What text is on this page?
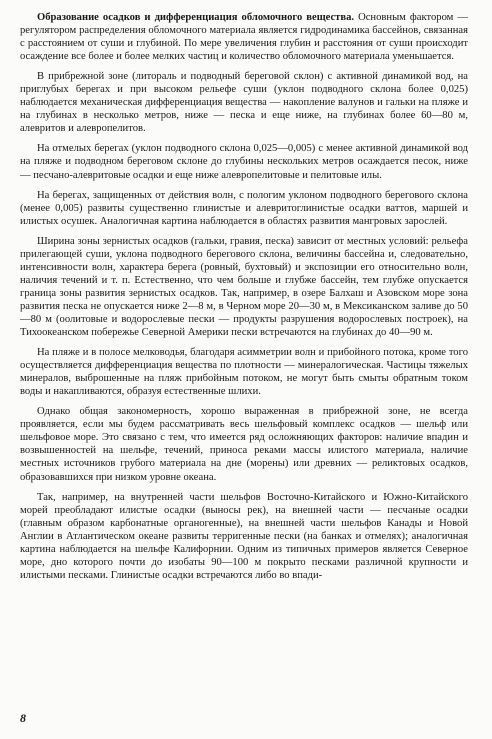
Образование осадков и дифференциация обломочного вещества. Основным фактором — регулятором распределения обломочного материала является гидродинамика бассейнов, связанная с расстоянием от суши и глубиной. По мере увеличения глубин и расстояния от суши происходит осаждение все более и более мелких частиц и количество обломочного материала уменьшается.

В прибрежной зоне (литораль и подводный береговой склон) с активной динамикой вод, на приглубых берегах и при высоком рельефе суши (уклон подводного склона более 0,025) наблюдается механическая дифференциация вещества — накопление валунов и гальки на пляже и на глубинах в несколько метров, ниже — песка и еще ниже, на глубинах более 60—80 м, алевритов и алевропелитов.

На отмелых берегах (уклон подводного склона 0,025—0,005) с менее активной динамикой вод на пляже и подводном береговом склоне до глубины нескольких метров осаждается песок, ниже — песчано-алевритовые осадки и еще ниже алевропелитовые и пелитовые илы.

На берегах, защищенных от действия волн, с пологим уклоном подводного берегового склона (менее 0,005) развиты существенно глинистые и алевритоглинистые осадки ваттов, маршей и илистых осушек. Аналогичная картина наблюдается в областях развития мангровых зарослей.

Ширина зоны зернистых осадков (гальки, гравия, песка) зависит от местных условий: рельефа прилегающей суши, уклона подводного берегового склона, величины бассейна и, следовательно, интенсивности волн, характера берега (ровный, бухтовый) и экспозиции его относительно волн, наличия течений и т. п. Естественно, что чем больше и глубже бассейн, тем глубже опускается граница зоны развития зернистых осадков. Так, например, в озере Балхаш и Азовском море зона развития песка не опускается ниже 2—8 м, в Черном море 20—30 м, в Мексиканском заливе до 50—80 м (оолитовые и водорослевые пески — продукты разрушения водорослевых построек), на Тихоокеанском побережье Северной Америки пески встречаются на глубинах до 40—90 м.

На пляже и в полосе мелководья, благодаря асимметрии волн и прибойного потока, кроме того осуществляется дифференциация вещества по плотности — минералогическая. Частицы тяжелых минералов, выброшенные на пляж прибойным потоком, не могут быть смыты обратным током воды и накапливаются, образуя естественные шлихи.

Однако общая закономерность, хорошо выраженная в прибрежной зоне, не всегда проявляется, если мы будем рассматривать весь шельфовый комплекс осадков — шельф или шельфовое море. Это связано с тем, что имеется ряд осложняющих факторов: наличие впадин и возвышенностей на шельфе, течений, приноса реками массы илистого материала, наличие местных источников грубого материала на дне (морены) или древних — реликтовых осадков, образовавшихся при низком уровне океана.

Так, например, на внутренней части шельфов Восточно-Китайского и Южно-Китайского морей преобладают илистые осадки (выносы рек), на внешней части — песчаные осадки (главным образом карбонатные органогенные), на внешней части шельфов Канады и Новой Англии в Атлантическом океане развиты терригенные пески (на банках и отмелях); аналогичная картина наблюдается на шельфе Калифорнии. Одним из типичных примеров является Северное море, дно которого почти до изобаты 90—100 м покрыто песками различной крупности и илистыми песками. Глинистые осадки встречаются либо во впади-

8
